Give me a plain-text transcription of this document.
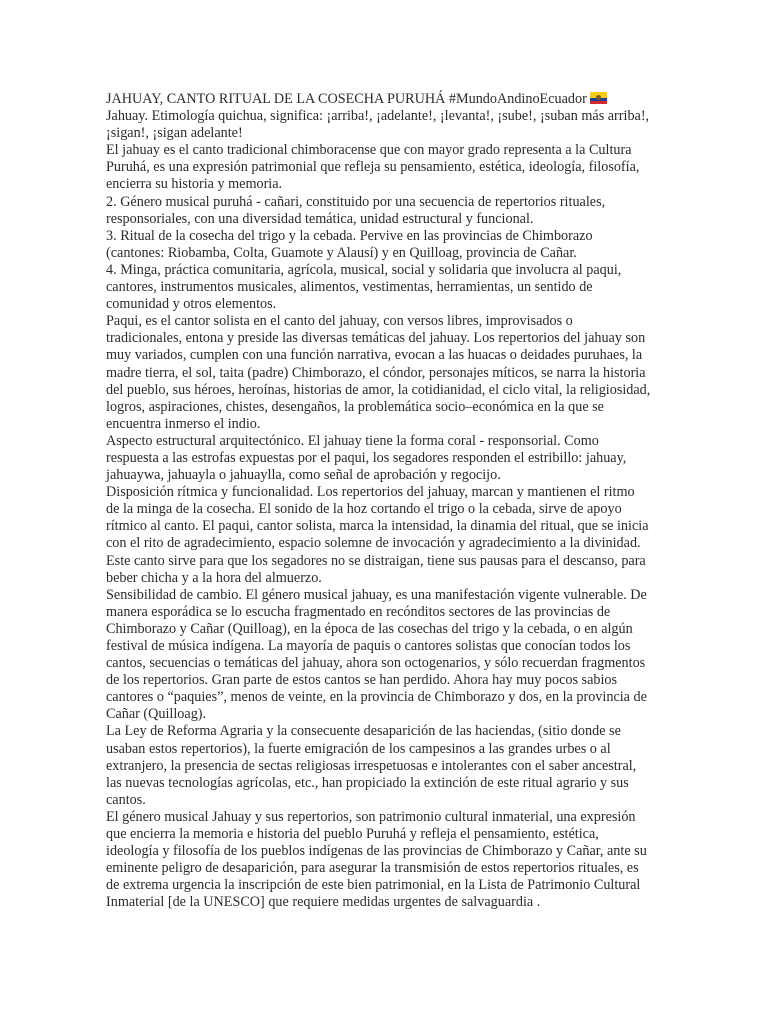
JAHUAY, CANTO RITUAL DE LA COSECHA PURUHÁ #MundoAndinoEcuador
Jahuay. Etimología quichua, significa: ¡arriba!, ¡adelante!, ¡levanta!, ¡sube!, ¡suban más arriba!,
¡sigan!, ¡sigan adelante!
El jahuay es el canto tradicional chimboracense que con mayor grado representa a la Cultura
Puruhá, es una expresión patrimonial que refleja su pensamiento, estética, ideología, filosofía,
encierra su historia y memoria.
2. Género musical puruhá - cañari, constituido por una secuencia de repertorios rituales,
responsoriales, con una diversidad temática, unidad estructural y funcional.
3. Ritual de la cosecha del trigo y la cebada. Pervive en las provincias de Chimborazo
(cantones: Riobamba, Colta, Guamote y Alausí) y en Quilloag, provincia de Cañar.
4. Minga, práctica comunitaria, agrícola, musical, social y solidaria que involucra al paqui,
cantores, instrumentos musicales, alimentos, vestimentas, herramientas, un sentido de
comunidad y otros elementos.
Paqui, es el cantor solista en el canto del jahuay, con versos libres, improvisados o
tradicionales, entona y preside las diversas temáticas del jahuay. Los repertorios del jahuay son
muy variados, cumplen con una función narrativa, evocan a las huacas o deidades puruhaes, la
madre tierra, el sol, taita (padre) Chimborazo, el cóndor, personajes míticos, se narra la historia
del pueblo, sus héroes, heroínas, historias de amor, la cotidianidad, el ciclo vital, la religiosidad,
logros, aspiraciones, chistes, desengaños, la problemática socio–económica en la que se
encuentra inmerso el indio.
Aspecto estructural arquitectónico. El jahuay tiene la forma coral - responsorial. Como
respuesta a las estrofas expuestas por el paqui, los segadores responden el estribillo: jahuay,
jahuaywa, jahuayla o jahuaylla, como señal de aprobación y regocijo.
Disposición rítmica y funcionalidad. Los repertorios del jahuay, marcan y mantienen el ritmo
de la minga de la cosecha. El sonido de la hoz cortando el trigo o la cebada, sirve de apoyo
rítmico al canto. El paqui, cantor solista, marca la intensidad, la dinamia del ritual, que se inicia
con el rito de agradecimiento, espacio solemne de invocación y agradecimiento a la divinidad.
Este canto sirve para que los segadores no se distraigan, tiene sus pausas para el descanso, para
beber chicha y a la hora del almuerzo.
Sensibilidad de cambio. El género musical jahuay, es una manifestación vigente vulnerable. De
manera esporádica se lo escucha fragmentado en recónditos sectores de las provincias de
Chimborazo y Cañar (Quilloag), en la época de las cosechas del trigo y la cebada, o en algún
festival de música indígena. La mayoría de paquis o cantores solistas que conocían todos los
cantos, secuencias o temáticas del jahuay, ahora son octogenarios, y sólo recuerdan fragmentos
de los repertorios. Gran parte de estos cantos se han perdido. Ahora hay muy pocos sabios
cantores o “paquies”, menos de veinte, en la provincia de Chimborazo y dos, en la provincia de
Cañar (Quilloag).
La Ley de Reforma Agraria y la consecuente desaparición de las haciendas, (sitio donde se
usaban estos repertorios), la fuerte emigración de los campesinos a las grandes urbes o al
extranjero, la presencia de sectas religiosas irrespetuosas e intolerantes con el saber ancestral,
las nuevas tecnologías agrícolas, etc., han propiciado la extinción de este ritual agrario y sus
cantos.
El género musical Jahuay y sus repertorios, son patrimonio cultural inmaterial, una expresión
que encierra la memoria e historia del pueblo Puruhá y refleja el pensamiento, estética,
ideología y filosofía de los pueblos indígenas de las provincias de Chimborazo y Cañar, ante su
eminente peligro de desaparición, para asegurar la transmisión de estos repertorios rituales, es
de extrema urgencia la inscripción de este bien patrimonial, en la Lista de Patrimonio Cultural
Inmaterial [de la UNESCO] que requiere medidas urgentes de salvaguardia .
